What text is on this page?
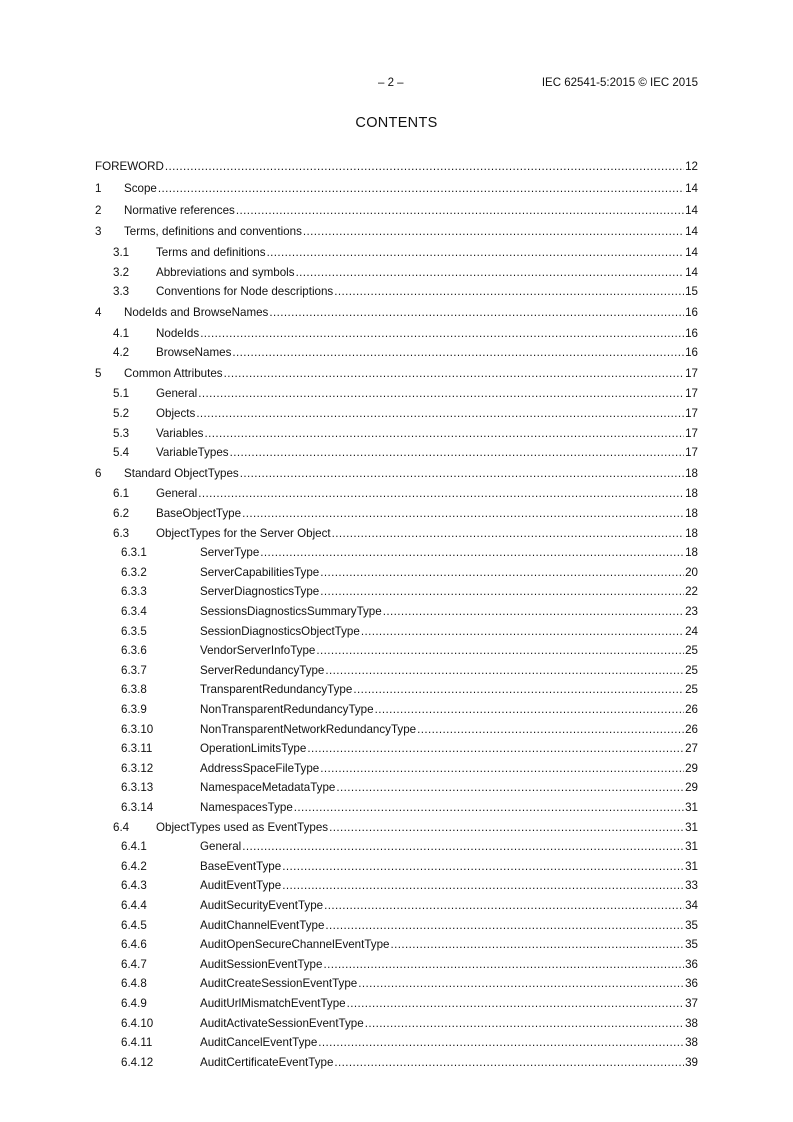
– 2 –	IEC 62541-5:2015 © IEC 2015
CONTENTS
FOREWORD .....	12
1	Scope .....	14
2	Normative references .....	14
3	Terms, definitions and conventions .....	14
3.1	Terms and definitions .....	14
3.2	Abbreviations and symbols .....	14
3.3	Conventions for Node descriptions .....	15
4	NodeIds and BrowseNames .....	16
4.1	NodeIds .....	16
4.2	BrowseNames .....	16
5	Common Attributes .....	17
5.1	General .....	17
5.2	Objects .....	17
5.3	Variables .....	17
5.4	VariableTypes .....	17
6	Standard ObjectTypes .....	18
6.1	General .....	18
6.2	BaseObjectType .....	18
6.3	ObjectTypes for the Server Object .....	18
6.3.1	ServerType .....	18
6.3.2	ServerCapabilitiesType .....	20
6.3.3	ServerDiagnosticsType .....	22
6.3.4	SessionsDiagnosticsSummaryType .....	23
6.3.5	SessionDiagnosticsObjectType .....	24
6.3.6	VendorServerInfoType .....	25
6.3.7	ServerRedundancyType .....	25
6.3.8	TransparentRedundancyType .....	25
6.3.9	NonTransparentRedundancyType .....	26
6.3.10	NonTransparentNetworkRedundancyType .....	26
6.3.11	OperationLimitsType .....	27
6.3.12	AddressSpaceFileType .....	29
6.3.13	NamespaceMetadataType .....	29
6.3.14	NamespacesType .....	31
6.4	ObjectTypes used as EventTypes .....	31
6.4.1	General .....	31
6.4.2	BaseEventType .....	31
6.4.3	AuditEventType .....	33
6.4.4	AuditSecurityEventType .....	34
6.4.5	AuditChannelEventType .....	35
6.4.6	AuditOpenSecureChannelEventType .....	35
6.4.7	AuditSessionEventType .....	36
6.4.8	AuditCreateSessionEventType .....	36
6.4.9	AuditUrlMismatchEventType .....	37
6.4.10	AuditActivateSessionEventType .....	38
6.4.11	AuditCancelEventType .....	38
6.4.12	AuditCertificateEventType .....	39
